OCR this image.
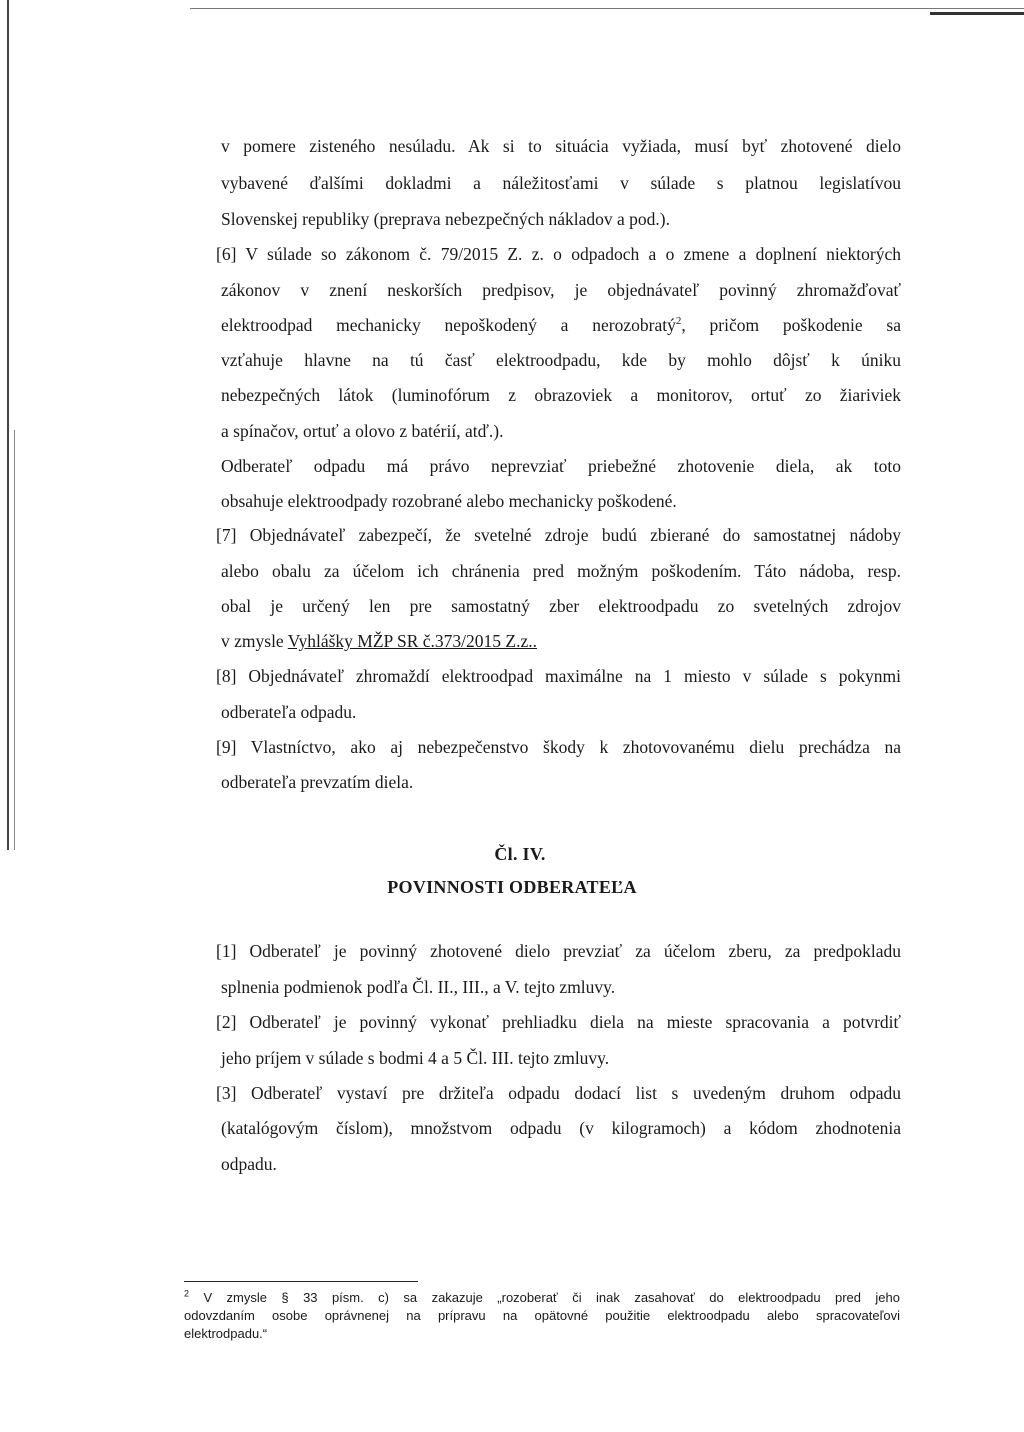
v pomere zisteného nesúladu. Ak si to situácia vyžiada, musí byť zhotovené dielo
vybavené ďalšími dokladmi a náležitosťami v súlade s platnou legislatívou
Slovenskej republiky (preprava nebezpečných nákladov a pod.).
[6] V súlade so zákonom č. 79/2015 Z. z. o odpadoch a o zmene a doplnení niektorých
zákonov v znení neskorších predpisov, je objednávateľ povinný zhromažďovať
elektroodpad mechanicky nepoškodený a nerozobratý$^2$, pričom poškodenie sa
vzťahuje hlavne na tú časť elektroodpadu, kde by mohlo dôjsť k úniku
nebezpečných látok (luminofórum z obrazoviek a monitorov, ortuť zo žiariviek
a spínačov, ortuť a olovo z batérií, atď.).
Odberateľ odpadu má právo neprevziať priebežné zhotovenie diela, ak toto
obsahuje elektroodpady rozobrané alebo mechanicky poškodené.
[7] Objednávateľ zabezpečí, že svetelné zdroje budú zbierané do samostatnej nádoby
alebo obalu za účelom ich chránenia pred možným poškodením. Táto nádoba, resp.
obal je určený len pre samostatný zber elektroodpadu zo svetelných zdrojov
v zmysle Vyhlášky MŽP SR č.373/2015 Z.z..
[8] Objednávateľ zhromaždí elektroodpad maximálne na 1 miesto v súlade s pokynmi
odberateľa odpadu.
[9] Vlastníctvo, ako aj nebezpečenstvo škody k zhotovovanému dielu prechádza na
odberateľa prevzatím diela.
Čl. IV.
POVINNOSTI ODBERATEĽA
[1] Odberateľ je povinný zhotovené dielo prevziať za účelom zberu, za predpokladu
splnenia podmienok podľa Čl. II., III., a V. tejto zmluvy.
[2] Odberateľ je povinný vykonať prehliadku diela na mieste spracovania a potvrdiť
jeho príjem v súlade s bodmi 4 a 5 Čl. III. tejto zmluvy.
[3] Odberateľ vystaví pre držiteľa odpadu dodací list s uvedeným druhom odpadu
(katalógovým číslom), množstvom odpadu (v kilogramoch) a kódom zhodnotenia
odpadu.
$^2$ V zmysle § 33 písm. c) sa zakazuje „rozoberať či inak zasahovať do elektroodpadu pred jeho
odovzdaním osobe oprávnenej na prípravu na opätovné použitie elektroodpadu alebo spracovateľovi
elektrodpadu.“
